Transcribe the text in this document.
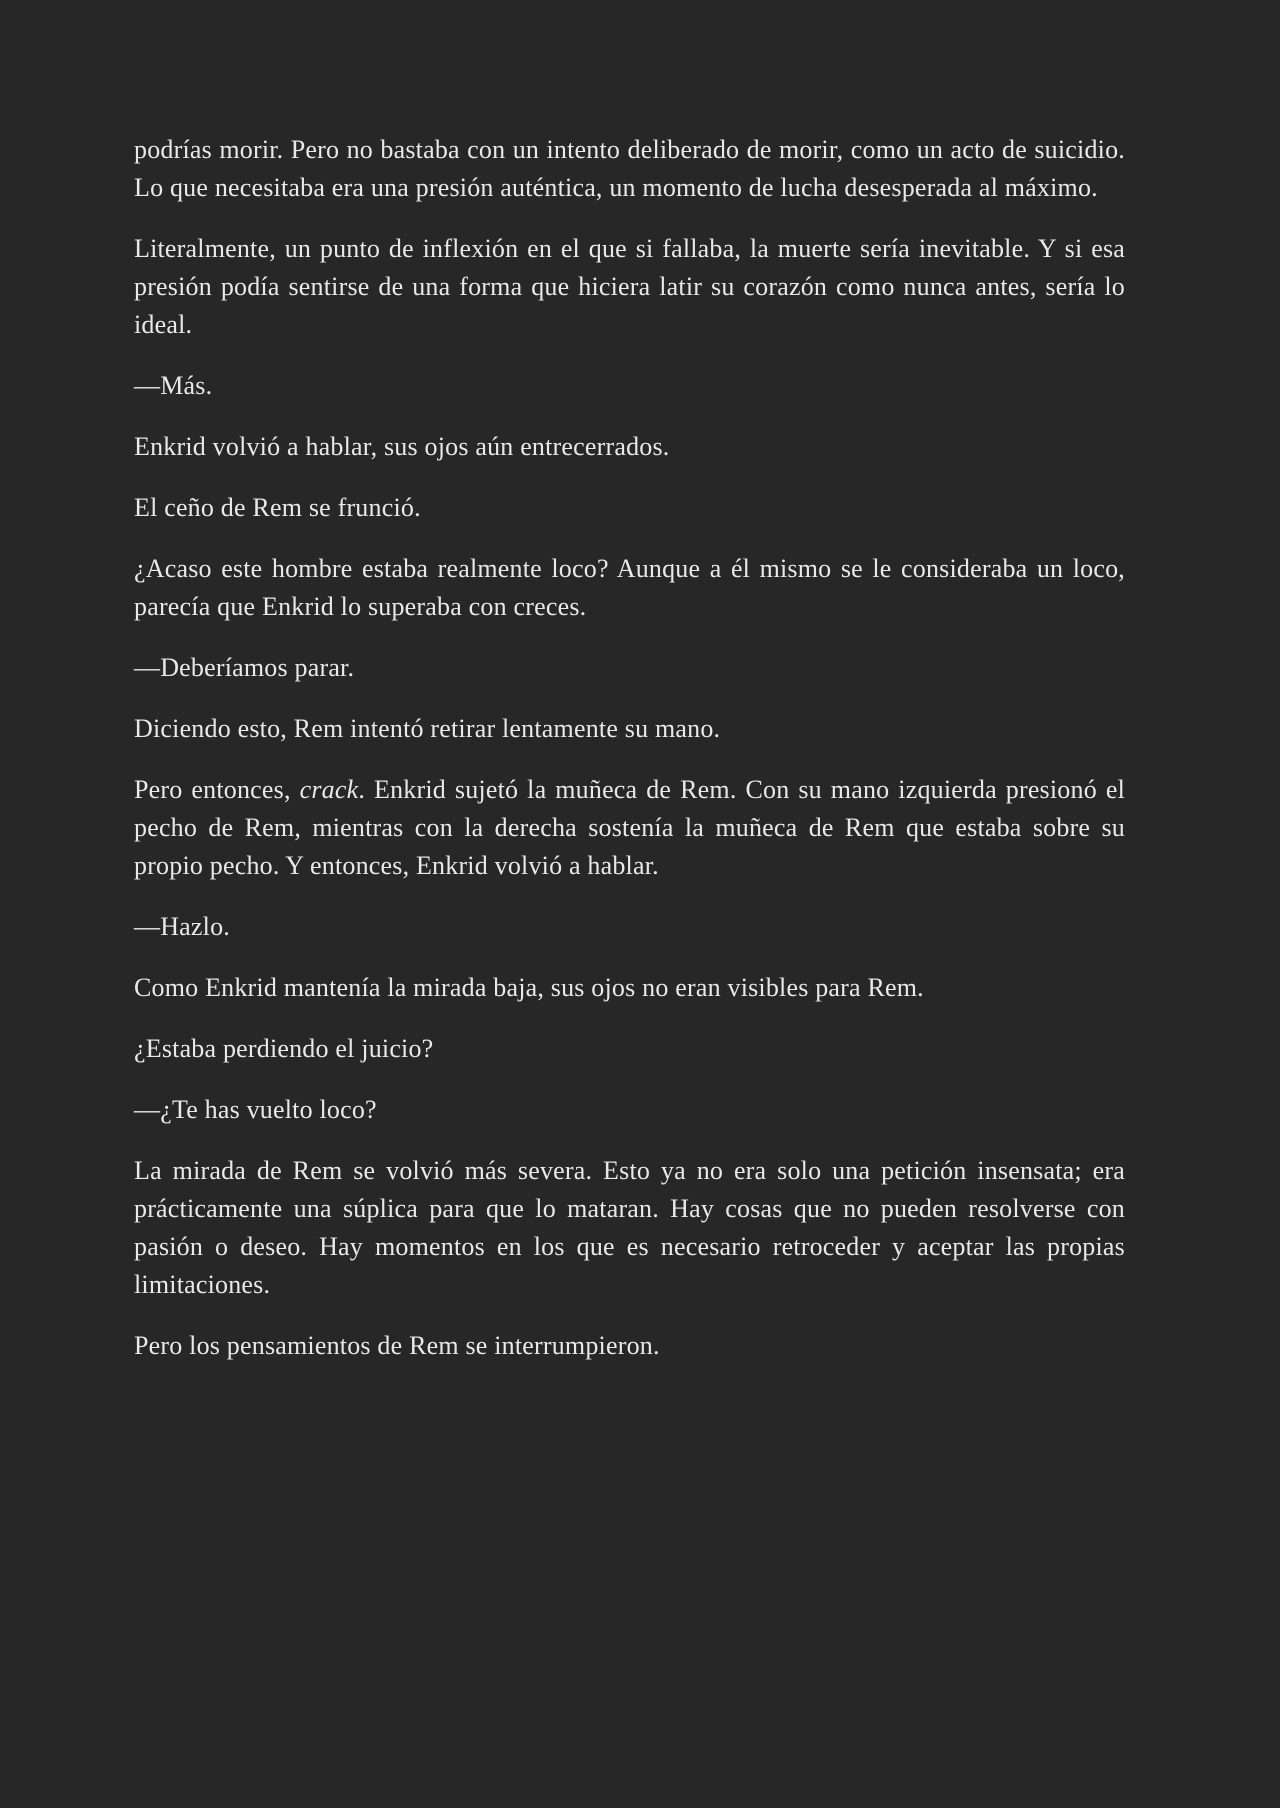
podrías morir. Pero no bastaba con un intento deliberado de morir, como un acto de suicidio. Lo que necesitaba era una presión auténtica, un momento de lucha desesperada al máximo.

Literalmente, un punto de inflexión en el que si fallaba, la muerte sería inevitable. Y si esa presión podía sentirse de una forma que hiciera latir su corazón como nunca antes, sería lo ideal.

—Más.

Enkrid volvió a hablar, sus ojos aún entrecerrados.

El ceño de Rem se frunció.

¿Acaso este hombre estaba realmente loco? Aunque a él mismo se le consideraba un loco, parecía que Enkrid lo superaba con creces.

—Deberíamos parar.

Diciendo esto, Rem intentó retirar lentamente su mano.

Pero entonces, crack. Enkrid sujetó la muñeca de Rem. Con su mano izquierda presionó el pecho de Rem, mientras con la derecha sostenía la muñeca de Rem que estaba sobre su propio pecho. Y entonces, Enkrid volvió a hablar.

—Hazlo.

Como Enkrid mantenía la mirada baja, sus ojos no eran visibles para Rem.

¿Estaba perdiendo el juicio?

—¿Te has vuelto loco?

La mirada de Rem se volvió más severa. Esto ya no era solo una petición insensata; era prácticamente una súplica para que lo mataran. Hay cosas que no pueden resolverse con pasión o deseo. Hay momentos en los que es necesario retroceder y aceptar las propias limitaciones.

Pero los pensamientos de Rem se interrumpieron.
